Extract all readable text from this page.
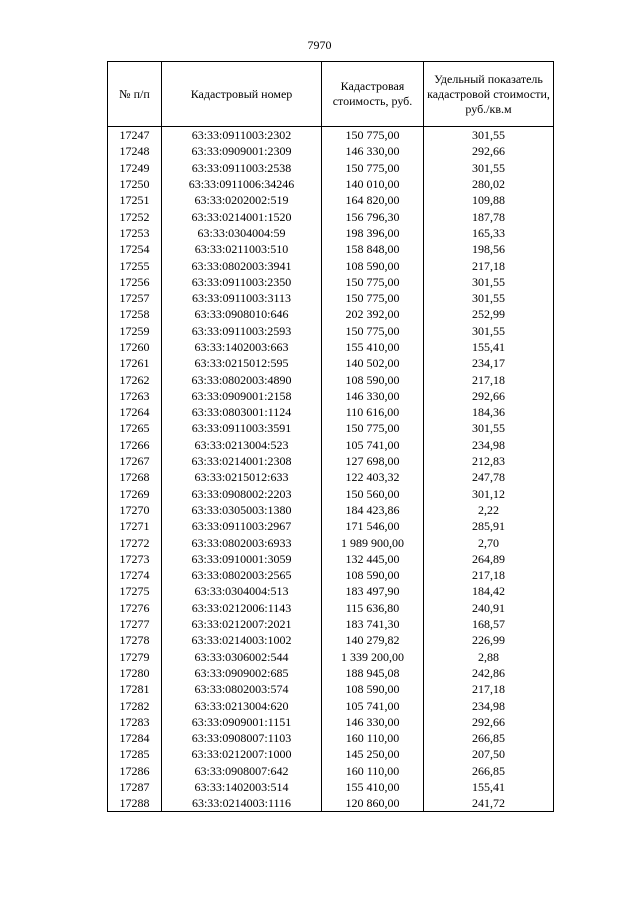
7970
№ п/п	Кадастровый номер	Кадастровая стоимость, руб.	Удельный показатель кадастровой стоимости, руб./кв.м
17247	63:33:0911003:2302	150 775,00	301,55
17248	63:33:0909001:2309	146 330,00	292,66
17249	63:33:0911003:2538	150 775,00	301,55
17250	63:33:0911006:34246	140 010,00	280,02
17251	63:33:0202002:519	164 820,00	109,88
17252	63:33:0214001:1520	156 796,30	187,78
17253	63:33:0304004:59	198 396,00	165,33
17254	63:33:0211003:510	158 848,00	198,56
17255	63:33:0802003:3941	108 590,00	217,18
17256	63:33:0911003:2350	150 775,00	301,55
17257	63:33:0911003:3113	150 775,00	301,55
17258	63:33:0908010:646	202 392,00	252,99
17259	63:33:0911003:2593	150 775,00	301,55
17260	63:33:1402003:663	155 410,00	155,41
17261	63:33:0215012:595	140 502,00	234,17
17262	63:33:0802003:4890	108 590,00	217,18
17263	63:33:0909001:2158	146 330,00	292,66
17264	63:33:0803001:1124	110 616,00	184,36
17265	63:33:0911003:3591	150 775,00	301,55
17266	63:33:0213004:523	105 741,00	234,98
17267	63:33:0214001:2308	127 698,00	212,83
17268	63:33:0215012:633	122 403,32	247,78
17269	63:33:0908002:2203	150 560,00	301,12
17270	63:33:0305003:1380	184 423,86	2,22
17271	63:33:0911003:2967	171 546,00	285,91
17272	63:33:0802003:6933	1 989 900,00	2,70
17273	63:33:0910001:3059	132 445,00	264,89
17274	63:33:0802003:2565	108 590,00	217,18
17275	63:33:0304004:513	183 497,90	184,42
17276	63:33:0212006:1143	115 636,80	240,91
17277	63:33:0212007:2021	183 741,30	168,57
17278	63:33:0214003:1002	140 279,82	226,99
17279	63:33:0306002:544	1 339 200,00	2,88
17280	63:33:0909002:685	188 945,08	242,86
17281	63:33:0802003:574	108 590,00	217,18
17282	63:33:0213004:620	105 741,00	234,98
17283	63:33:0909001:1151	146 330,00	292,66
17284	63:33:0908007:1103	160 110,00	266,85
17285	63:33:0212007:1000	145 250,00	207,50
17286	63:33:0908007:642	160 110,00	266,85
17287	63:33:1402003:514	155 410,00	155,41
17288	63:33:0214003:1116	120 860,00	241,72
